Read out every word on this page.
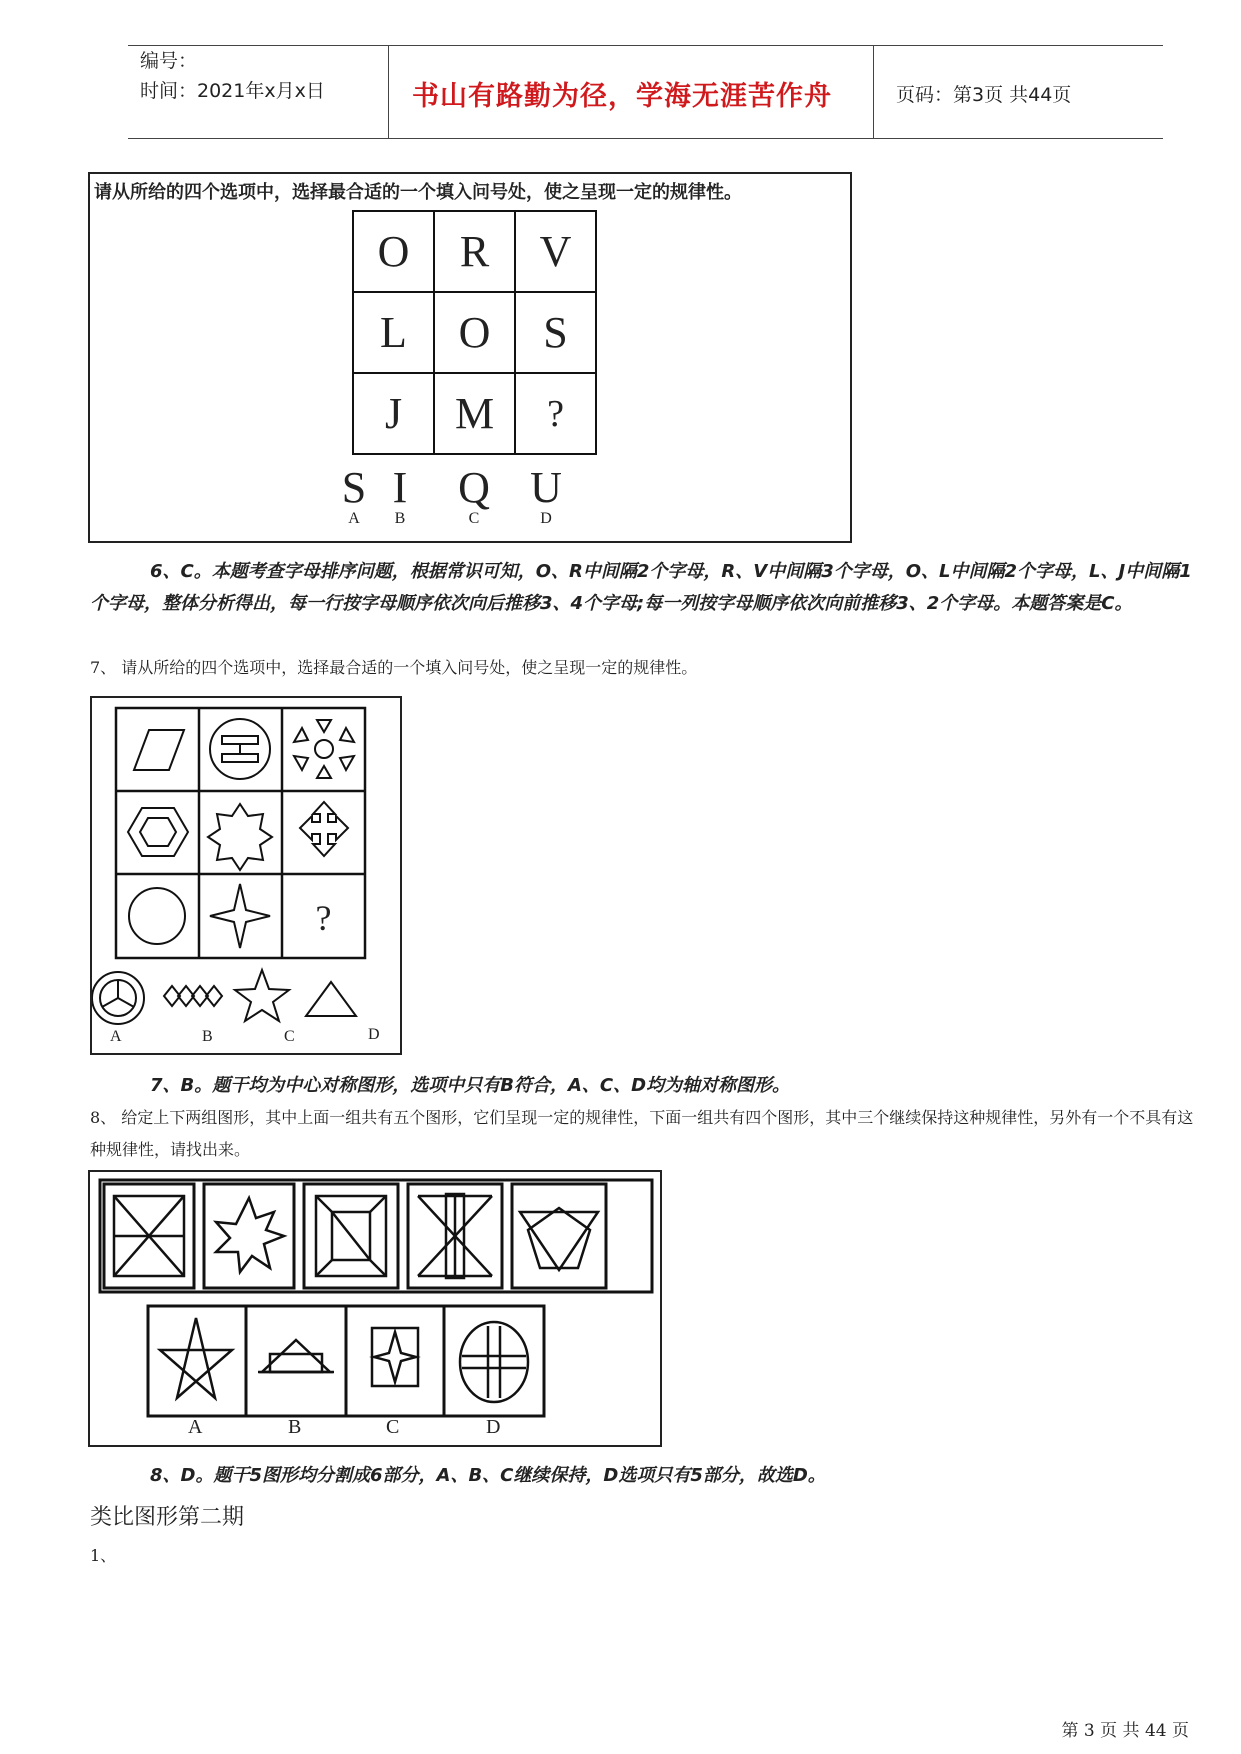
编号：
时间：2021年x月x日	书山有路勤为径，学海无涯苦作舟	页码：第3页 共44页
请从所给的四个选项中，选择最合适的一个填入问号处，使之呈现一定的规律性。
O	R	V
L	O	S
J	M	?
S
A
I
B
Q
C
U
D
6、C。本题考查字母排序问题，根据常识可知，O、R中间隔2个字母，R、V中间隔3个字母，O、L中间隔2个字母，L、J中间隔1个字母，整体分析得出，每一行按字母顺序依次向后推移3、4个字母;每一列按字母顺序依次向前推移3、2个字母。本题答案是C。
7、 请从所给的四个选项中，选择最合适的一个填入问号处，使之呈现一定的规律性。
?
A	B	C	D
7、B。题干均为中心对称图形，选项中只有B符合，A、C、D均为轴对称图形。
8、 给定上下两组图形，其中上面一组共有五个图形，它们呈现一定的规律性，下面一组共有四个图形，其中三个继续保持这种规律性，另外有一个不具有这种规律性，请找出来。
A	B	C	D
8、D。题干5图形均分割成6部分，A、B、C继续保持，D选项只有5部分，故选D。
类比图形第二期
1、
第 3 页 共 44 页
